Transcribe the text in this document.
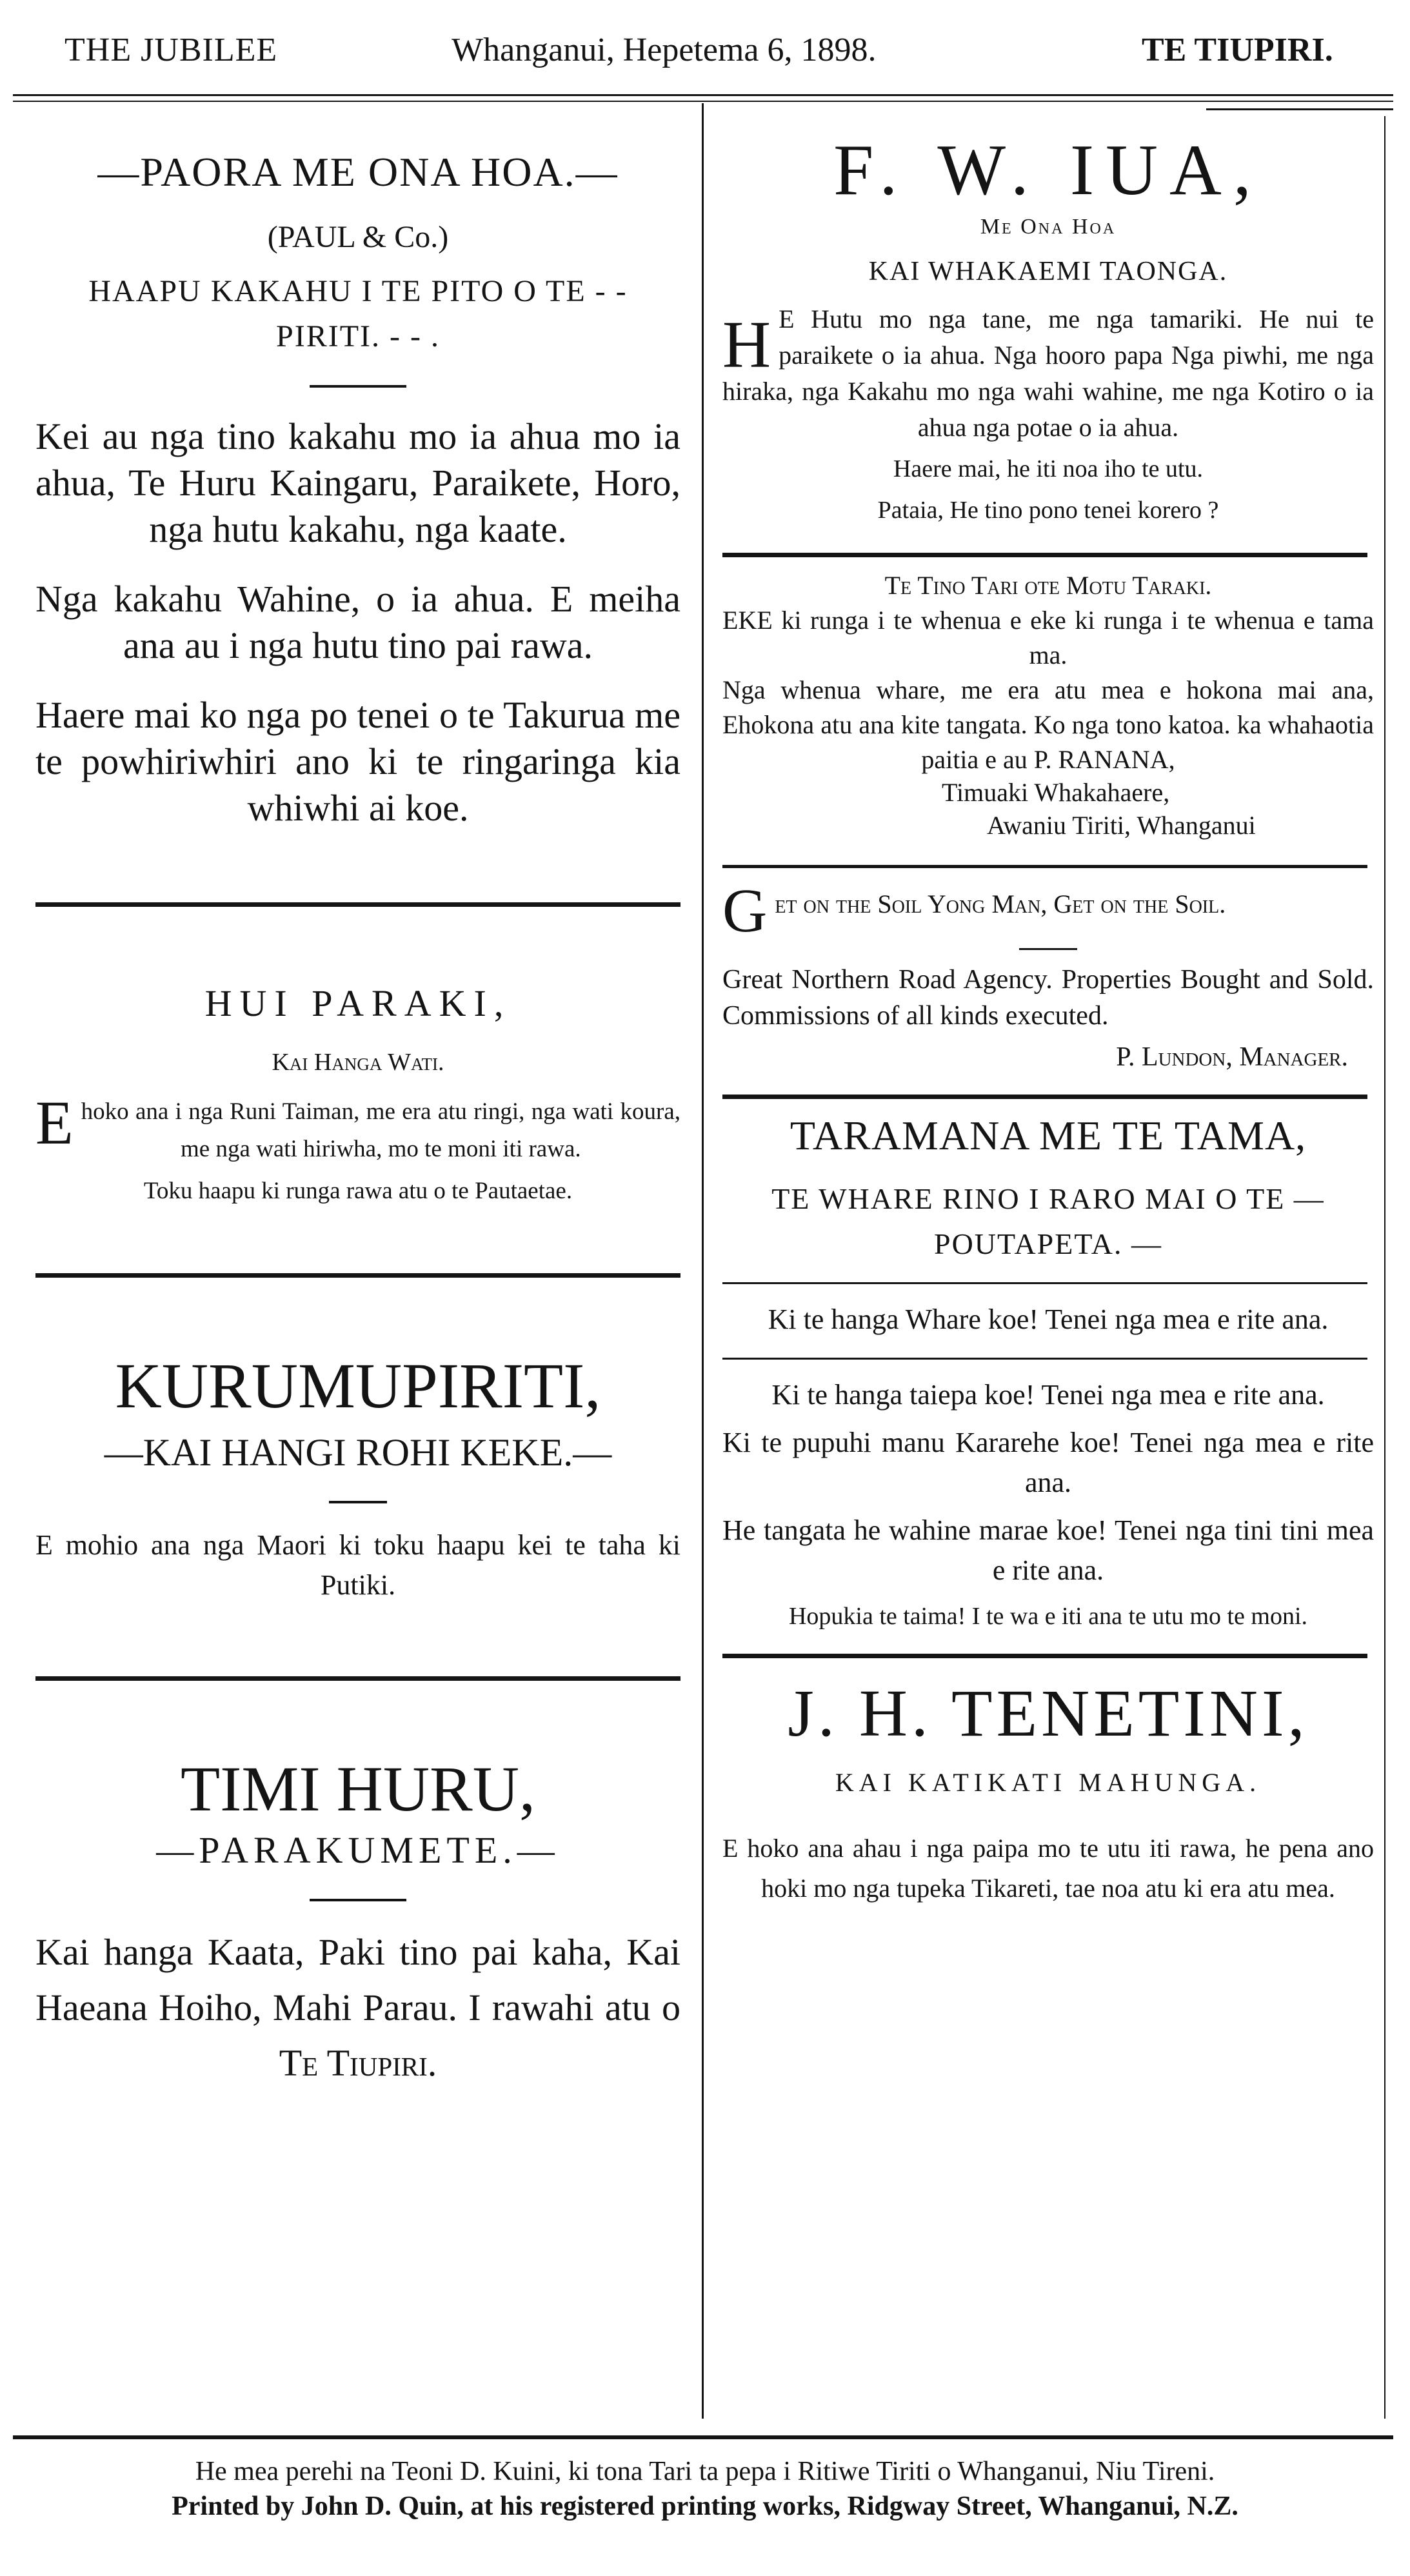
THE JUBILEE	Whanganui, Hepetema 6, 1898.	TE TIUPIRI.
—PAORA ME ONA HOA.—
(PAUL & Co.)
HAAPU KAKAHU I TE PITO O TE - - PIRITI. - - .
Kei au nga tino kakahu mo ia ahua mo ia ahua, Te Huru Kaingaru, Paraikete, Horo, nga hutu kakahu, nga kaate.
Nga kakahu Wahine, o ia ahua. E meiha ana au i nga hutu tino pai rawa.
Haere mai ko nga po tenei o te Takurua me te powhiriwhiri ano ki te ringaringa kia whiwhi ai koe.
HUI PARAKI,
Kai Hanga Wati.
E hoko ana i nga Runi Taiman, me era atu ringi, nga wati koura, me nga wati hiriwha, mo te moni iti rawa.
Toku haapu ki runga rawa atu o te Pautaetae.
KURUMUPIRITI,
—KAI HANGI ROHI KEKE.—
E mohio ana nga Maori ki toku haapu kei te taha ki Putiki.
TIMI HURU,
—PARAKUMETE.—
Kai hanga Kaata, Paki tino pai kaha, Kai Haeana Hoiho, Mahi Parau. I rawahi atu o Te Tiupiri.
F. W. IUA,
Me Ona Hoa
KAI WHAKAEMI TAONGA.
H E Hutu mo nga tane, me nga tamariki. He nui te paraikete o ia ahua. Nga hooro papa Nga piwhi, me nga hiraka, nga Kakahu mo nga wahi wahine, me nga Kotiro o ia ahua nga potae o ia ahua.
Haere mai, he iti noa iho te utu.
Pataia, He tino pono tenei korero ?
Te Tino Tari ote Motu Taraki.
EKE ki runga i te whenua e eke ki runga i te whenua e tama ma.
Nga whenua whare, me era atu mea e hokona mai ana, Ehokona atu ana kite tangata. Ko nga tono katoa. ka whahaotia paitia e au P. RANANA,
Timuaki Whakahaere,
Awaniu Tiriti, Whanganui
G et on the Soil Yong Man, Get on the Soil.
Great Northern Road Agency. Properties Bought and Sold. Commissions of all kinds executed.
P. Lundon, Manager.
TARAMANA ME TE TAMA,
TE WHARE RINO I RARO MAI O TE — POUTAPETA. —
Ki te hanga Whare koe! Tenei nga mea e rite ana.
Ki te hanga taiepa koe! Tenei nga mea e rite ana.
Ki te pupuhi manu Kararehe koe! Tenei nga mea e rite ana.
He tangata he wahine marae koe! Tenei nga tini tini mea e rite ana.
Hopukia te taima! I te wa e iti ana te utu mo te moni.
J. H. TENETINI,
KAI KATIKATI MAHUNGA.
E hoko ana ahau i nga paipa mo te utu iti rawa, he pena ano hoki mo nga tupeka Tikareti, tae noa atu ki era atu mea.
He mea perehi na Teoni D. Kuini, ki tona Tari ta pepa i Ritiwe Tiriti o Whanganui, Niu Tireni.
Printed by John D. Quin, at his registered printing works, Ridgway Street, Whanganui, N.Z.
